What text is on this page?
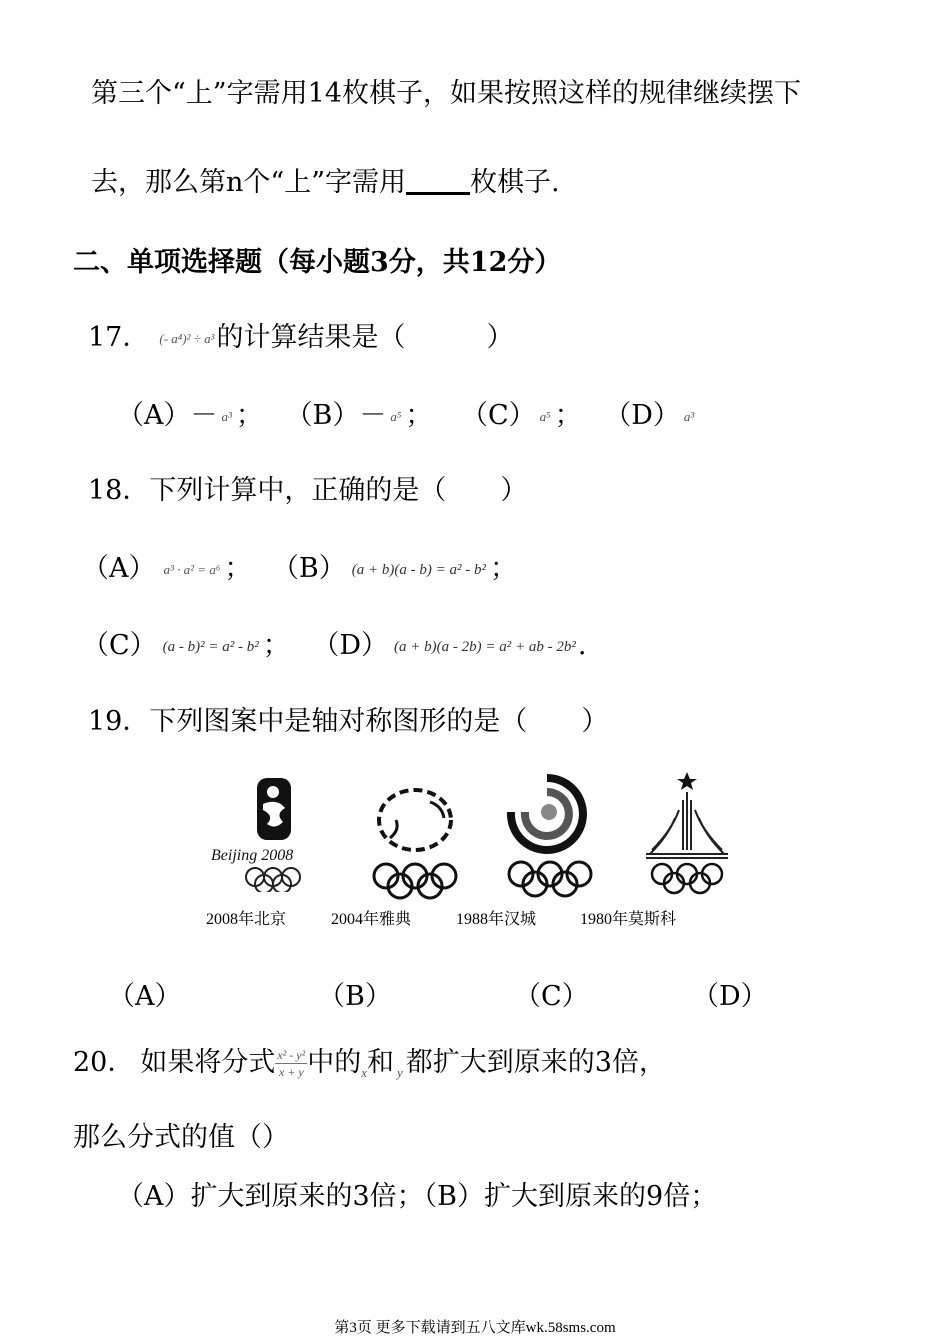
第三个“上”字需用14枚棋子，如果按照这样的规律继续摆下
去，那么第n个“上”字需用 枚棋子.
二、单项选择题（每小题3分，共12分）
17． (- a⁴)² ÷ a³的计算结果是（　　　）
（A）－ a³ ； （B）－ a⁵ ； （C） a⁵ ； （D） a³
18．下列计算中，正确的是（　　）
（A） a³ · a² = a⁶ ； （B） (a + b)(a - b) = a² - b² ；
（C） (a - b)² = a² - b² ； （D） (a + b)(a - 2b) = a² + ab - 2b².
19．下列图案中是轴对称图形的是（　　）
Beijing 2008
2008年北京	2004年雅典	1988年汉城	1980年莫斯科
（A）	（B）	（C）	（D）
20． 如果将分式 $\frac{\text{x² - y²}}{x + y}$ 中的$_x$和 $_y$ 都扩大到原来的3倍，
那么分式的值（）
（A）扩大到原来的3倍；（B）扩大到原来的9倍；
第3页 更多下载请到五八文库wk.58sms.com
